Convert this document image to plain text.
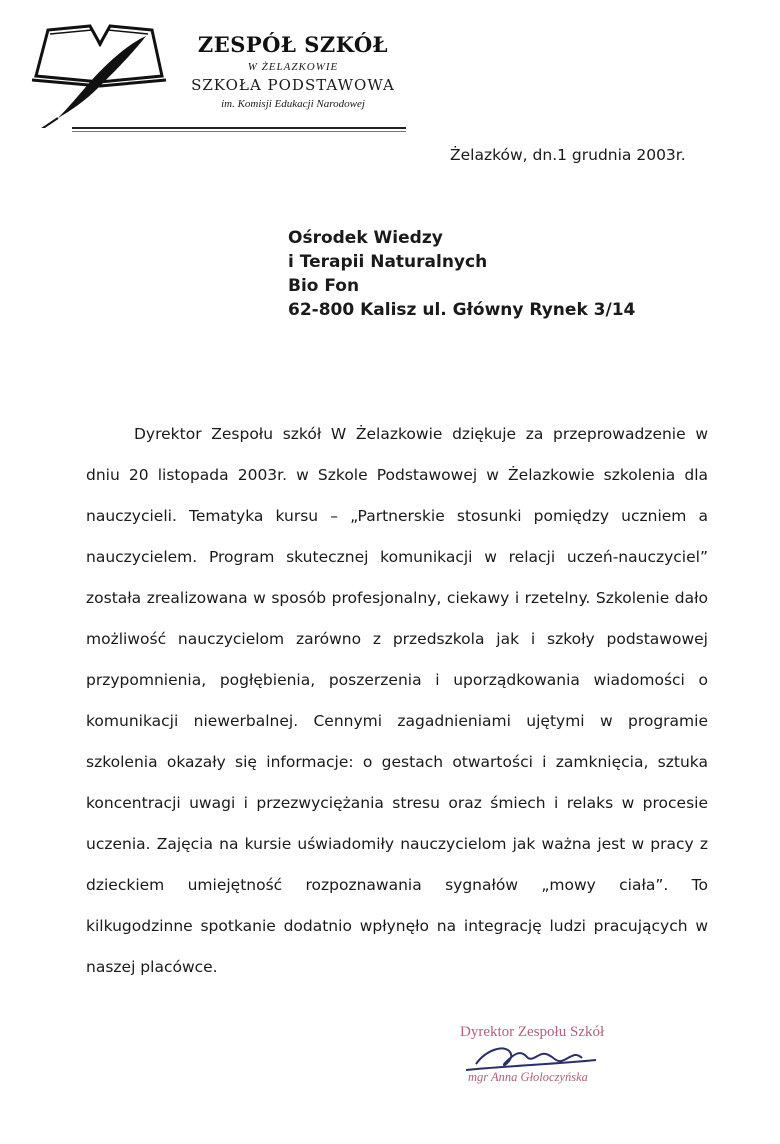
ZESPÓŁ SZKÓŁ
W ŻELAZKOWIE
SZKOŁA PODSTAWOWA
im. Komisji Edukacji Narodowej
Żelazków, dn.1 grudnia 2003r.
Ośrodek Wiedzy
i Terapii Naturalnych
Bio Fon
62-800 Kalisz ul. Główny Rynek 3/14
Dyrektor Zespołu szkół W Żelazkowie dziękuje za przeprowadzenie w dniu 20 listopada 2003r. w Szkole Podstawowej w Żelazkowie szkolenia dla nauczycieli. Tematyka kursu – „Partnerskie stosunki pomiędzy uczniem a nauczycielem. Program skutecznej komunikacji w relacji uczeń-nauczyciel” została zrealizowana w sposób profesjonalny, ciekawy i rzetelny. Szkolenie dało możliwość nauczycielom zarówno z przedszkola jak i szkoły podstawowej przypomnienia, pogłębienia, poszerzenia i uporządkowania wiadomości o komunikacji niewerbalnej. Cennymi zagadnieniami ujętymi w programie szkolenia okazały się informacje: o gestach otwartości i zamknięcia, sztuka koncentracji uwagi i przezwyciężania stresu oraz śmiech i relaks w procesie uczenia. Zajęcia na kursie uświadomiły nauczycielom jak ważna jest w pracy z dzieckiem umiejętność rozpoznawania sygnałów „mowy ciała”. To kilkugodzinne spotkanie dodatnio wpłynęło na integrację ludzi pracujących w naszej placówce.
Dyrektor Zespołu Szkół
mgr Anna Głoloczyńska
